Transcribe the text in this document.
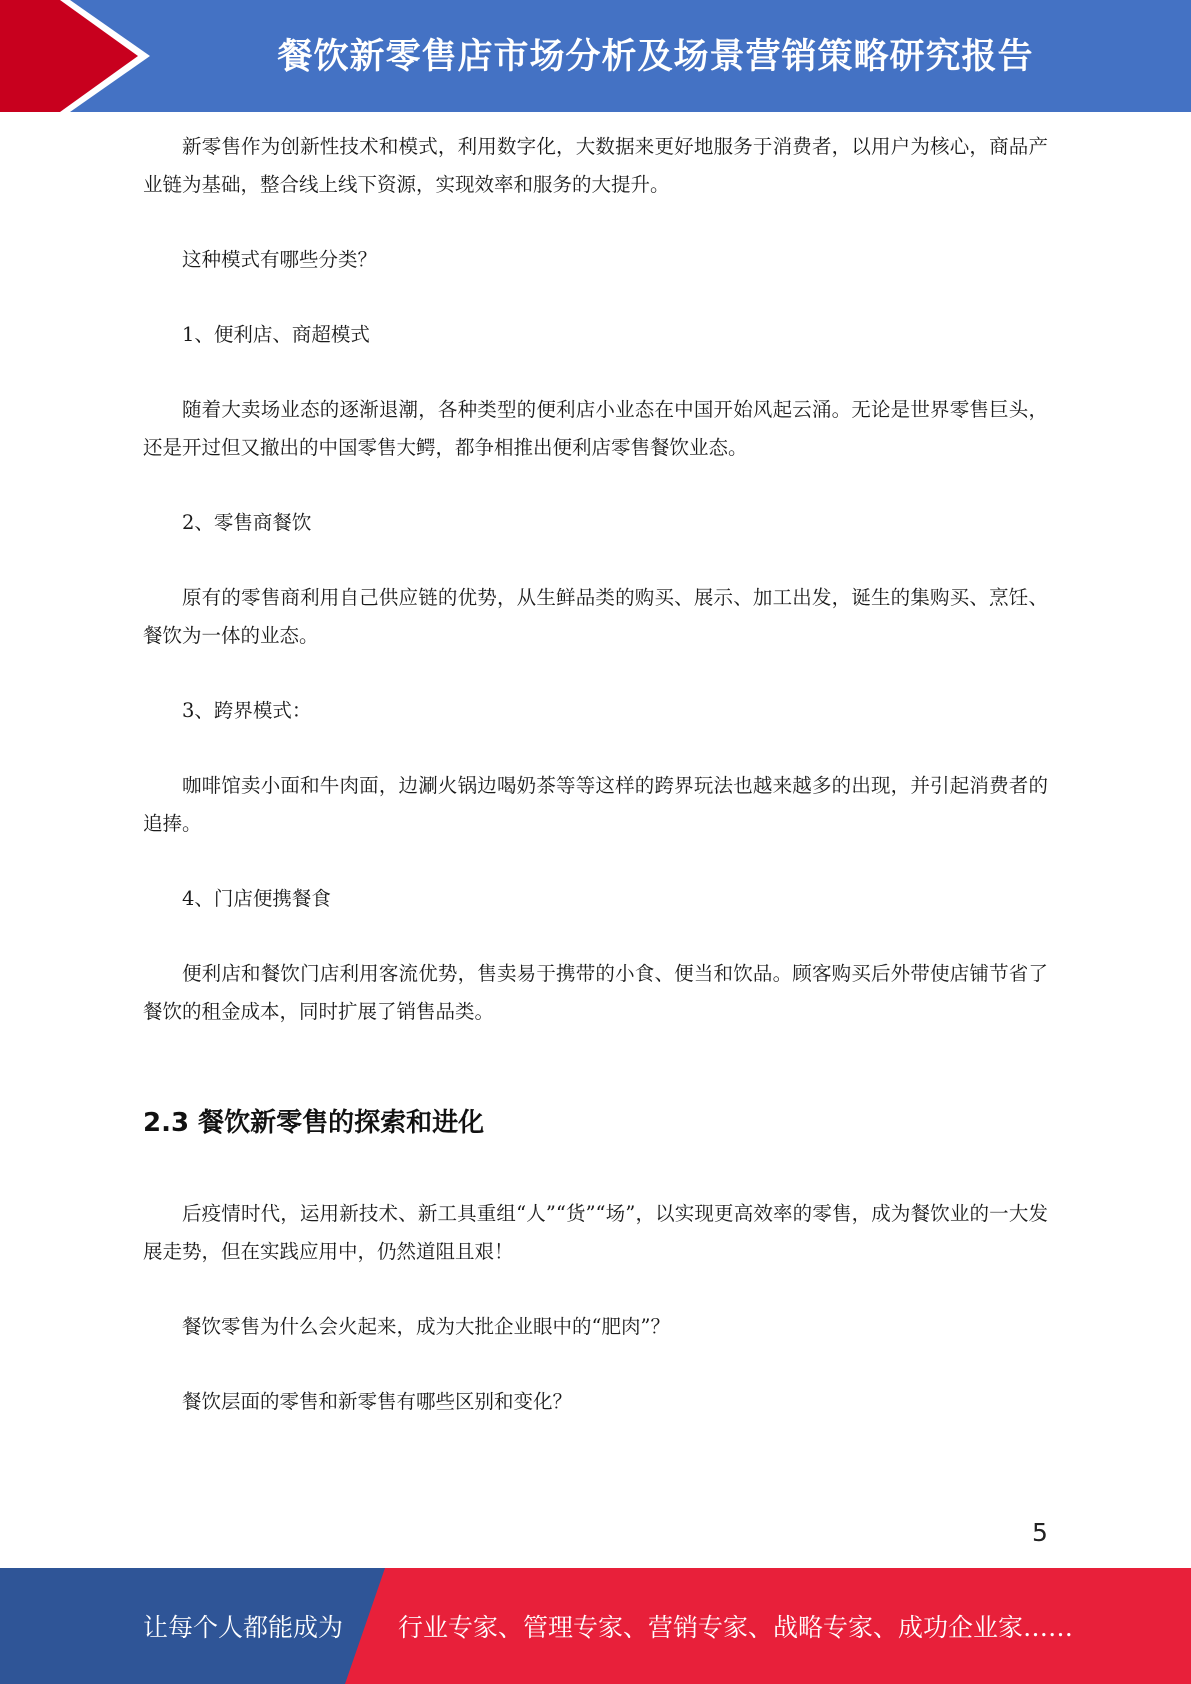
餐饮新零售店市场分析及场景营销策略研究报告

新零售作为创新性技术和模式，利用数字化，大数据来更好地服务于消费者，以用户为核心，商品产业链为基础，整合线上线下资源，实现效率和服务的大提升。

这种模式有哪些分类？

1、便利店、商超模式

随着大卖场业态的逐渐退潮，各种类型的便利店小业态在中国开始风起云涌。无论是世界零售巨头，还是开过但又撤出的中国零售大鳄，都争相推出便利店零售餐饮业态。

2、零售商餐饮

原有的零售商利用自己供应链的优势，从生鲜品类的购买、展示、加工出发，诞生的集购买、烹饪、餐饮为一体的业态。

3、跨界模式：

咖啡馆卖小面和牛肉面，边涮火锅边喝奶茶等等这样的跨界玩法也越来越多的出现，并引起消费者的追捧。

4、门店便携餐食

便利店和餐饮门店利用客流优势，售卖易于携带的小食、便当和饮品。顾客购买后外带使店铺节省了餐饮的租金成本，同时扩展了销售品类。

2.3 餐饮新零售的探索和进化

后疫情时代，运用新技术、新工具重组“人”“货”“场”，以实现更高效率的零售，成为餐饮业的一大发展走势，但在实践应用中，仍然道阻且艰！

餐饮零售为什么会火起来，成为大批企业眼中的“肥肉”？

餐饮层面的零售和新零售有哪些区别和变化？

5
让每个人都能成为 行业专家、管理专家、营销专家、战略专家、成功企业家……
